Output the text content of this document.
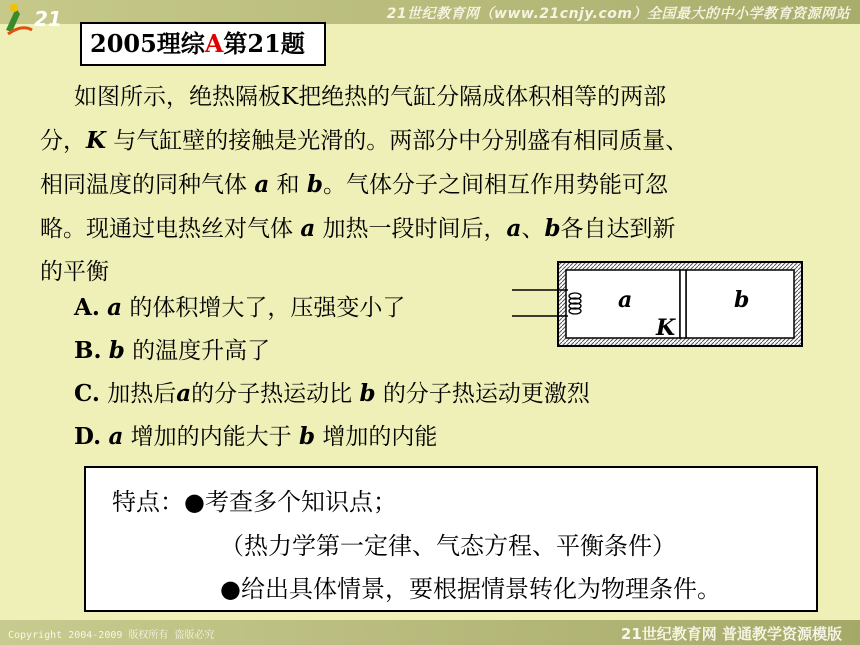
21	21世纪教育网（www.21cnjy.com）全国最大的中小学教育资源网站
2005理综A第21题

如图所示，绝热隔板K把绝热的气缸分隔成体积相等的两部
分，K 与气缸壁的接触是光滑的。两部分中分别盛有相同质量、
相同温度的同种气体 a 和 b。气体分子之间相互作用势能可忽
略。现通过电热丝对气体 a 加热一段时间后，a、b各自达到新
的平衡

A. a 的体积增大了，压强变小了
B. b 的温度升高了
C. 加热后a的分子热运动比 b 的分子热运动更激烈
D. a 增加的内能大于 b 增加的内能
a	b
K
特点：●考查多个知识点；
（热力学第一定律、气态方程、平衡条件）
●给出具体情景，要根据情景转化为物理条件。
Copyright 2004-2009 版权所有 盗版必究	21世纪教育网 普通教学资源模版
